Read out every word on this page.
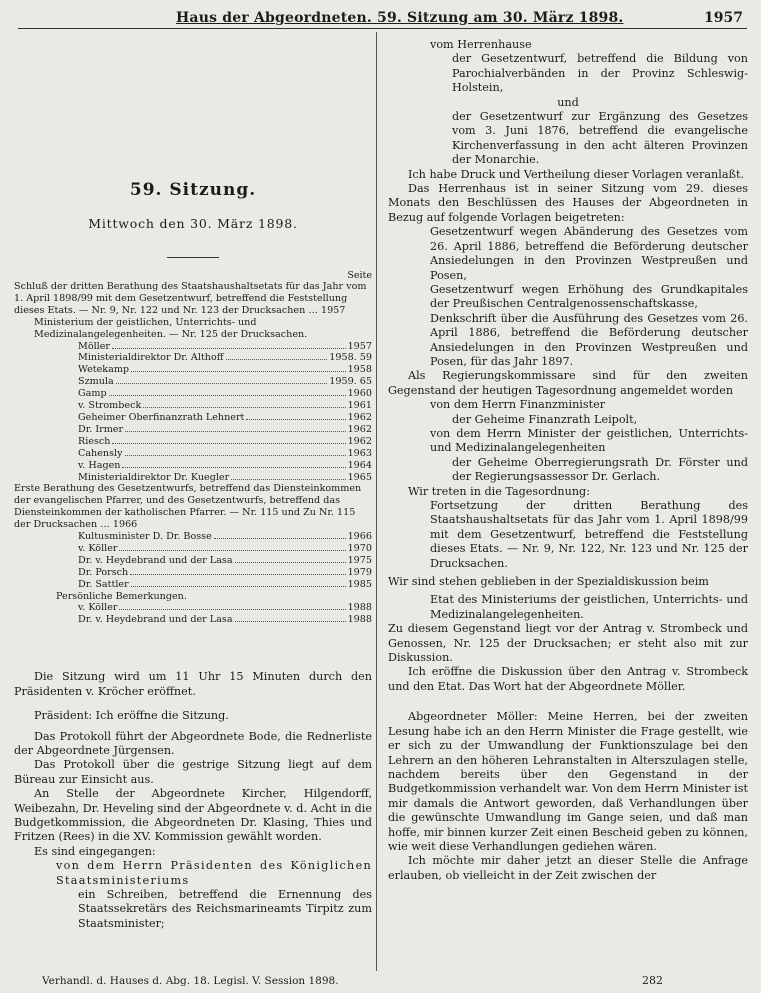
Haus der Abgeordneten. 59. Sitzung am 30. März 1898.	1957

59. Sitzung.

Mittwoch den 30. März 1898.

Seite

Schluß der dritten Berathung des Staatshaushaltsetats für das Jahr vom 1. April 1898/99 mit dem Gesetzentwurf, betreffend die Feststellung dieses Etats. — Nr. 9, Nr. 122 und Nr. 123 der Drucksachen … 1957

Ministerium der geistlichen, Unterrichts- und Medizinalangelegenheiten. — Nr. 125 der Drucksachen.

Möller	1957
Ministerialdirektor Dr. Althoff	1958. 59
Wetekamp	1958
Szmula	1959. 65
Gamp	1960
v. Strombeck	1961
Geheimer Oberfinanzrath Lehnert	1962
Dr. Irmer	1962
Riesch	1962
Cahensly	1963
v. Hagen	1964
Ministerialdirektor Dr. Kuegler	1965

Erste Berathung des Gesetzentwurfs, betreffend das Diensteinkommen der evangelischen Pfarrer, und des Gesetzentwurfs, betreffend das Diensteinkommen der katholischen Pfarrer. — Nr. 115 und Zu Nr. 115 der Drucksachen … 1966

Kultusminister D. Dr. Bosse	1966
v. Köller	1970
Dr. v. Heydebrand und der Lasa	1975
Dr. Porsch	1979
Dr. Sattler	1985

Persönliche Bemerkungen.

v. Köller	1988
Dr. v. Heydebrand und der Lasa	1988

Die Sitzung wird um 11 Uhr 15 Minuten durch den Präsidenten v. Kröcher eröffnet.

Präsident: Ich eröffne die Sitzung.

Das Protokoll führt der Abgeordnete Bode, die Rednerliste der Abgeordnete Jürgensen.

Das Protokoll über die gestrige Sitzung liegt auf dem Büreau zur Einsicht aus.

An Stelle der Abgeordnete Kircher, Hilgendorff, Weibezahn, Dr. Heveling sind der Abgeordnete v. d. Acht in die Budgetkommission, die Abgeordneten Dr. Klasing, Thies und Fritzen (Rees) in die XV. Kommission gewählt worden.

Es sind eingegangen:

von dem Herrn Präsidenten des Königlichen Staatsministeriums

ein Schreiben, betreffend die Ernennung des Staatssekretärs des Reichsmarineamts Tirpitz zum Staatsminister;

vom Herrenhause

der Gesetzentwurf, betreffend die Bildung von Parochialverbänden in der Provinz Schleswig-Holstein,

und

der Gesetzentwurf zur Ergänzung des Gesetzes vom 3. Juni 1876, betreffend die evangelische Kirchenverfassung in den acht älteren Provinzen der Monarchie.

Ich habe Druck und Vertheilung dieser Vorlagen veranlaßt.

Das Herrenhaus ist in seiner Sitzung vom 29. dieses Monats den Beschlüssen des Hauses der Abgeordneten in Bezug auf folgende Vorlagen beigetreten:

Gesetzentwurf wegen Abänderung des Gesetzes vom 26. April 1886, betreffend die Beförderung deutscher Ansiedelungen in den Provinzen Westpreußen und Posen,

Gesetzentwurf wegen Erhöhung des Grundkapitales der Preußischen Centralgenossenschaftskasse,

Denkschrift über die Ausführung des Gesetzes vom 26. April 1886, betreffend die Beförderung deutscher Ansiedelungen in den Provinzen Westpreußen und Posen, für das Jahr 1897.

Als Regierungskommissare sind für den zweiten Gegenstand der heutigen Tagesordnung angemeldet worden

von dem Herrn Finanzminister

der Geheime Finanzrath Leipolt,

von dem Herrn Minister der geistlichen, Unterrichts- und Medizinalangelegenheiten

der Geheime Oberregierungsrath Dr. Förster und der Regierungsassessor Dr. Gerlach.

Wir treten in die Tagesordnung:

Fortsetzung der dritten Berathung des Staatshaushaltsetats für das Jahr vom 1. April 1898/99 mit dem Gesetzentwurf, betreffend die Feststellung dieses Etats. — Nr. 9, Nr. 122, Nr. 123 und Nr. 125 der Drucksachen.

Wir sind stehen geblieben in der Spezialdiskussion beim

Etat des Ministeriums der geistlichen, Unterrichts- und Medizinalangelegenheiten.

Zu diesem Gegenstand liegt vor der Antrag v. Strombeck und Genossen, Nr. 125 der Drucksachen; er steht also mit zur Diskussion.

Ich eröffne die Diskussion über den Antrag v. Strombeck und den Etat. Das Wort hat der Abgeordnete Möller.

Abgeordneter Möller: Meine Herren, bei der zweiten Lesung habe ich an den Herrn Minister die Frage gestellt, wie er sich zu der Umwandlung der Funktionszulage bei den Lehrern an den höheren Lehranstalten in Alterszulagen stelle, nachdem bereits über den Gegenstand in der Budgetkommission verhandelt war. Von dem Herrn Minister ist mir damals die Antwort geworden, daß Verhandlungen über die gewünschte Umwandlung im Gange seien, und daß man hoffe, mir binnen kurzer Zeit einen Bescheid geben zu können, wie weit diese Verhandlungen gediehen wären.

Ich möchte mir daher jetzt an dieser Stelle die Anfrage erlauben, ob vielleicht in der Zeit zwischen der

Verhandl. d. Hauses d. Abg. 18. Legisl. V. Session 1898.	282
